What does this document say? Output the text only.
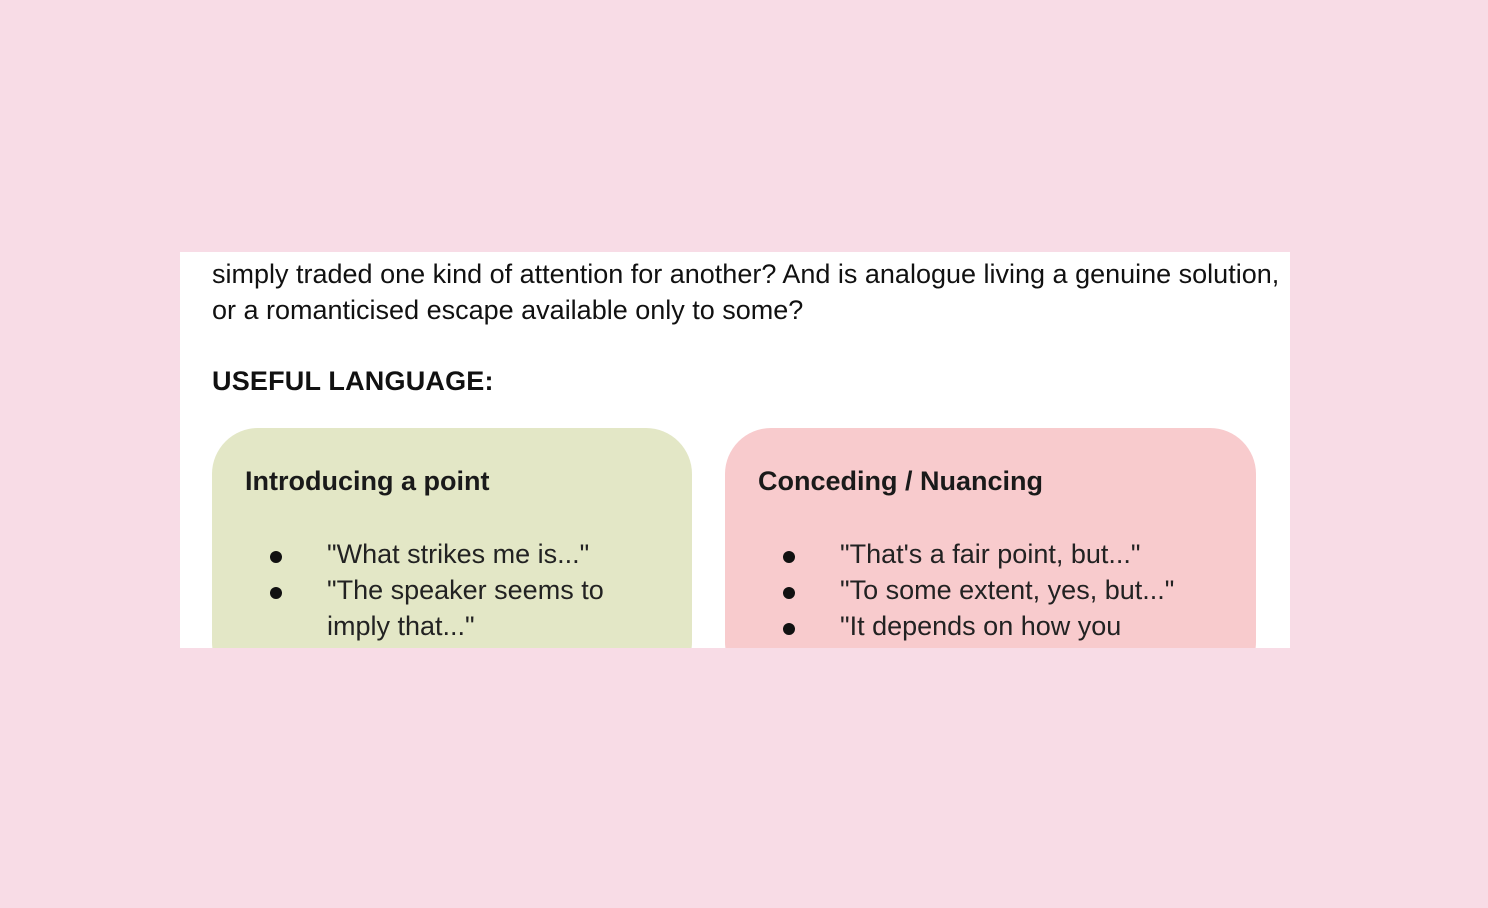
simply traded one kind of attention for another? And is analogue living a genuine solution, or a romanticised escape available only to some?

USEFUL LANGUAGE:
Introducing a point
"What strikes me is..."
"The speaker seems to imply that..."
Conceding / Nuancing
"That's a fair point, but..."
"To some extent, yes, but..."
"It depends on how you
